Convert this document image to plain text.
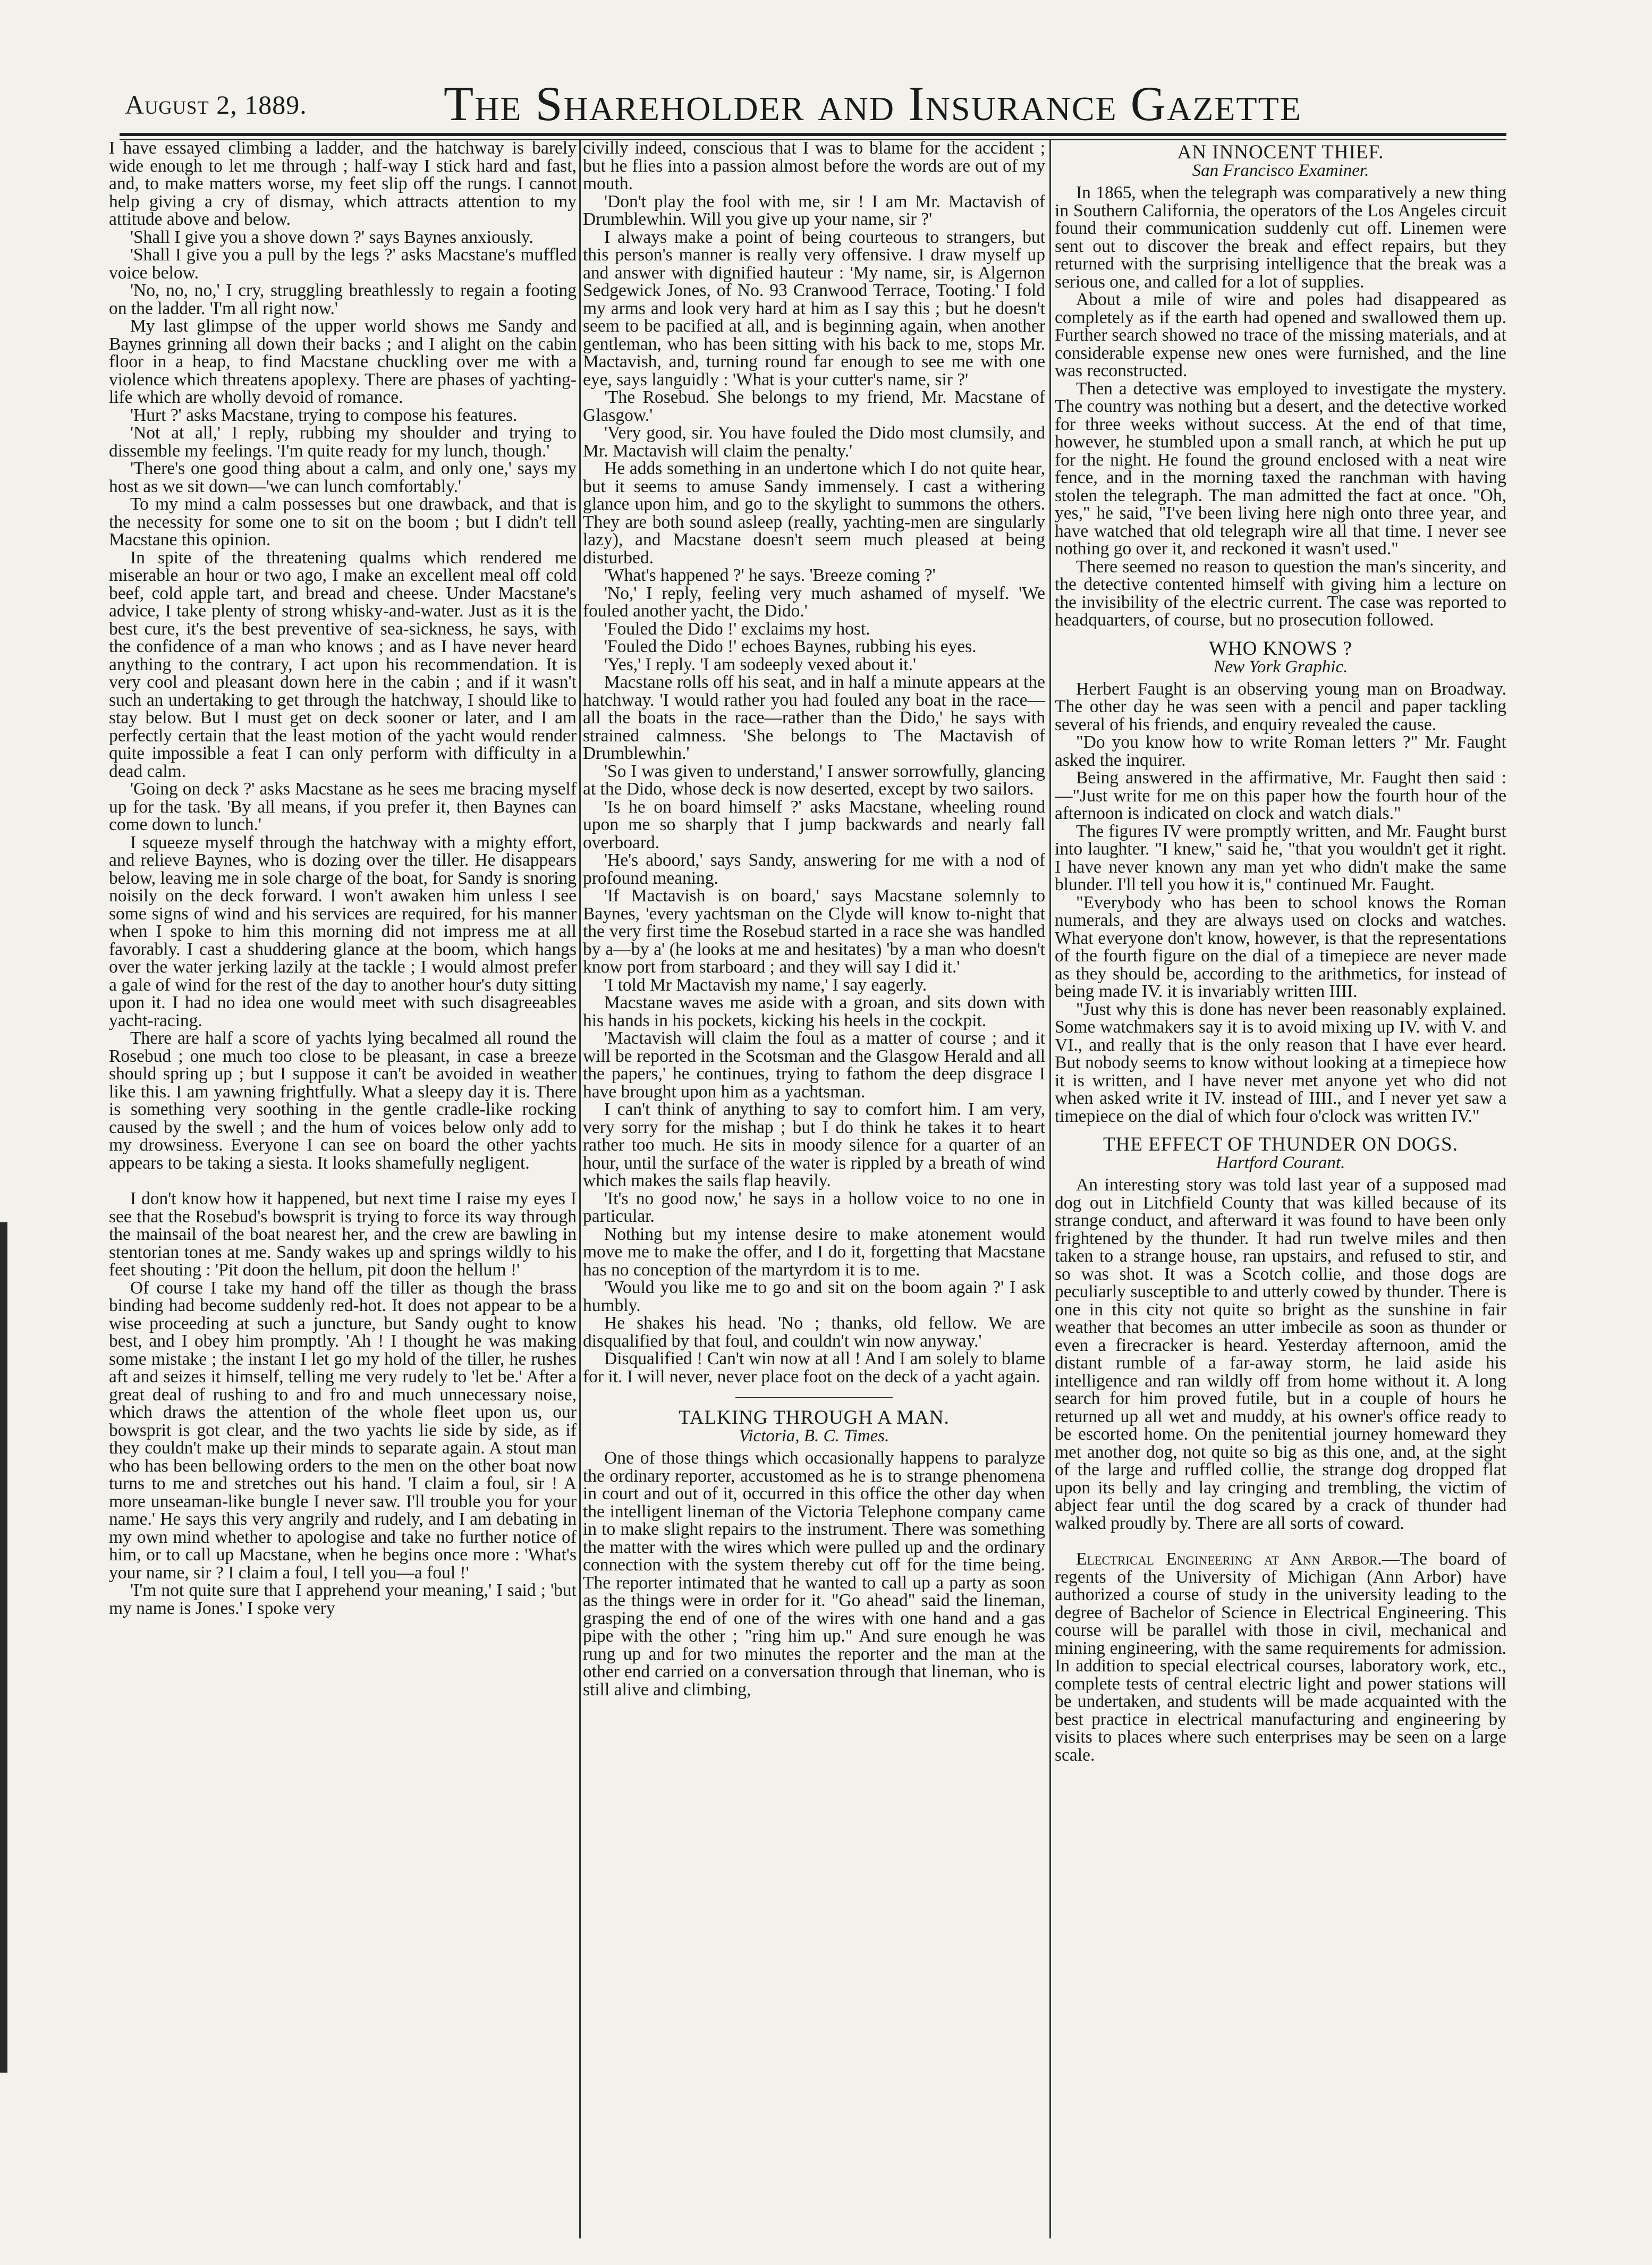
August 2, 1889.	The Shareholder and Insurance Gazette

I have essayed climbing a ladder, and the hatchway is barely wide enough to let me through ; half-way I stick hard and fast, and, to make matters worse, my feet slip off the rungs. I cannot help giving a cry of dismay, which attracts attention to my attitude above and below.

'Shall I give you a shove down ?' says Baynes anxiously.

'Shall I give you a pull by the legs ?' asks Macstane's muffled voice below.

'No, no, no,' I cry, struggling breathlessly to regain a footing on the ladder. 'I'm all right now.'

My last glimpse of the upper world shows me Sandy and Baynes grinning all down their backs ; and I alight on the cabin floor in a heap, to find Macstane chuckling over me with a violence which threatens apoplexy. There are phases of yachting-life which are wholly devoid of romance.

'Hurt ?' asks Macstane, trying to compose his features.

'Not at all,' I reply, rubbing my shoulder and trying to dissemble my feelings. 'I'm quite ready for my lunch, though.'

'There's one good thing about a calm, and only one,' says my host as we sit down—'we can lunch comfortably.'

To my mind a calm possesses but one drawback, and that is the necessity for some one to sit on the boom ; but I didn't tell Macstane this opinion.

In spite of the threatening qualms which rendered me miserable an hour or two ago, I make an excellent meal off cold beef, cold apple tart, and bread and cheese. Under Macstane's advice, I take plenty of strong whisky-and-water. Just as it is the best cure, it's the best preventive of sea-sickness, he says, with the confidence of a man who knows ; and as I have never heard anything to the contrary, I act upon his recommendation. It is very cool and pleasant down here in the cabin ; and if it wasn't such an undertaking to get through the hatchway, I should like to stay below. But I must get on deck sooner or later, and I am perfectly certain that the least motion of the yacht would render quite impossible a feat I can only perform with difficulty in a dead calm.

'Going on deck ?' asks Macstane as he sees me bracing myself up for the task. 'By all means, if you prefer it, then Baynes can come down to lunch.'

I squeeze myself through the hatchway with a mighty effort, and relieve Baynes, who is dozing over the tiller. He disappears below, leaving me in sole charge of the boat, for Sandy is snoring noisily on the deck forward. I won't awaken him unless I see some signs of wind and his services are required, for his manner when I spoke to him this morning did not impress me at all favorably. I cast a shuddering glance at the boom, which hangs over the water jerking lazily at the tackle ; I would almost prefer a gale of wind for the rest of the day to another hour's duty sitting upon it. I had no idea one would meet with such disagreeables yacht-racing.

There are half a score of yachts lying becalmed all round the Rosebud ; one much too close to be pleasant, in case a breeze should spring up ; but I suppose it can't be avoided in weather like this. I am yawning frightfully. What a sleepy day it is. There is something very soothing in the gentle cradle-like rocking caused by the swell ; and the hum of voices below only add to my drowsiness. Everyone I can see on board the other yachts appears to be taking a siesta. It looks shamefully negligent.

I don't know how it happened, but next time I raise my eyes I see that the Rosebud's bowsprit is trying to force its way through the mainsail of the boat nearest her, and the crew are bawling in stentorian tones at me. Sandy wakes up and springs wildly to his feet shouting : 'Pit doon the hellum, pit doon the hellum !'

Of course I take my hand off the tiller as though the brass binding had become suddenly red-hot. It does not appear to be a wise proceeding at such a juncture, but Sandy ought to know best, and I obey him promptly. 'Ah ! I thought he was making some mistake ; the instant I let go my hold of the tiller, he rushes aft and seizes it himself, telling me very rudely to 'let be.' After a great deal of rushing to and fro and much unnecessary noise, which draws the attention of the whole fleet upon us, our bowsprit is got clear, and the two yachts lie side by side, as if they couldn't make up their minds to separate again. A stout man who has been bellowing orders to the men on the other boat now turns to me and stretches out his hand. 'I claim a foul, sir ! A more unseaman-like bungle I never saw. I'll trouble you for your name.' He says this very angrily and rudely, and I am debating in my own mind whether to apologise and take no further notice of him, or to call up Macstane, when he begins once more : 'What's your name, sir ? I claim a foul, I tell you—a foul !'

'I'm not quite sure that I apprehend your meaning,' I said ; 'but my name is Jones.' I spoke very

civilly indeed, conscious that I was to blame for the accident ; but he flies into a passion almost before the words are out of my mouth.

'Don't play the fool with me, sir ! I am Mr. Mactavish of Drumblewhin. Will you give up your name, sir ?'

I always make a point of being courteous to strangers, but this person's manner is really very offensive. I draw myself up and answer with dignified hauteur : 'My name, sir, is Algernon Sedgewick Jones, of No. 93 Cranwood Terrace, Tooting.' I fold my arms and look very hard at him as I say this ; but he doesn't seem to be pacified at all, and is beginning again, when another gentleman, who has been sitting with his back to me, stops Mr. Mactavish, and, turning round far enough to see me with one eye, says languidly : 'What is your cutter's name, sir ?'

'The Rosebud. She belongs to my friend, Mr. Macstane of Glasgow.'

'Very good, sir. You have fouled the Dido most clumsily, and Mr. Mactavish will claim the penalty.'

He adds something in an undertone which I do not quite hear, but it seems to amuse Sandy immensely. I cast a withering glance upon him, and go to the skylight to summons the others. They are both sound asleep (really, yachting-men are singularly lazy), and Macstane doesn't seem much pleased at being disturbed.

'What's happened ?' he says. 'Breeze coming ?'

'No,' I reply, feeling very much ashamed of myself. 'We fouled another yacht, the Dido.'

'Fouled the Dido !' exclaims my host.

'Fouled the Dido !' echoes Baynes, rubbing his eyes.

'Yes,' I reply. 'I am sodeeply vexed about it.'

Macstane rolls off his seat, and in half a minute appears at the hatchway. 'I would rather you had fouled any boat in the race—all the boats in the race—rather than the Dido,' he says with strained calmness. 'She belongs to The Mactavish of Drumblewhin.'

'So I was given to understand,' I answer sorrowfully, glancing at the Dido, whose deck is now deserted, except by two sailors.

'Is he on board himself ?' asks Macstane, wheeling round upon me so sharply that I jump backwards and nearly fall overboard.

'He's aboord,' says Sandy, answering for me with a nod of profound meaning.

'If Mactavish is on board,' says Macstane solemnly to Baynes, 'every yachtsman on the Clyde will know to-night that the very first time the Rosebud started in a race she was handled by a—by a' (he looks at me and hesitates) 'by a man who doesn't know port from starboard ; and they will say I did it.'

'I told Mr Mactavish my name,' I say eagerly.

Macstane waves me aside with a groan, and sits down with his hands in his pockets, kicking his heels in the cockpit.

'Mactavish will claim the foul as a matter of course ; and it will be reported in the Scotsman and the Glasgow Herald and all the papers,' he continues, trying to fathom the deep disgrace I have brought upon him as a yachtsman.

I can't think of anything to say to comfort him. I am very, very sorry for the mishap ; but I do think he takes it to heart rather too much. He sits in moody silence for a quarter of an hour, until the surface of the water is rippled by a breath of wind which makes the sails flap heavily.

'It's no good now,' he says in a hollow voice to no one in particular.

Nothing but my intense desire to make atonement would move me to make the offer, and I do it, forgetting that Macstane has no conception of the martyrdom it is to me.

'Would you like me to go and sit on the boom again ?' I ask humbly.

He shakes his head. 'No ; thanks, old fellow. We are disqualified by that foul, and couldn't win now anyway.'

Disqualified ! Can't win now at all ! And I am solely to blame for it. I will never, never place foot on the deck of a yacht again.

TALKING THROUGH A MAN.
Victoria, B. C. Times.

One of those things which occasionally happens to paralyze the ordinary reporter, accustomed as he is to strange phenomena in court and out of it, occurred in this office the other day when the intelligent lineman of the Victoria Telephone company came in to make slight repairs to the instrument. There was something the matter with the wires which were pulled up and the ordinary connection with the system thereby cut off for the time being. The reporter intimated that he wanted to call up a party as soon as the things were in order for it. "Go ahead" said the lineman, grasping the end of one of the wires with one hand and a gas pipe with the other ; "ring him up." And sure enough he was rung up and for two minutes the reporter and the man at the other end carried on a conversation through that lineman, who is still alive and climbing,

AN INNOCENT THIEF.
San Francisco Examiner.

In 1865, when the telegraph was comparatively a new thing in Southern California, the operators of the Los Angeles circuit found their communication suddenly cut off. Linemen were sent out to discover the break and effect repairs, but they returned with the surprising intelligence that the break was a serious one, and called for a lot of supplies.

About a mile of wire and poles had disappeared as completely as if the earth had opened and swallowed them up. Further search showed no trace of the missing materials, and at considerable expense new ones were furnished, and the line was reconstructed.

Then a detective was employed to investigate the mystery. The country was nothing but a desert, and the detective worked for three weeks without success. At the end of that time, however, he stumbled upon a small ranch, at which he put up for the night. He found the ground enclosed with a neat wire fence, and in the morning taxed the ranchman with having stolen the telegraph. The man admitted the fact at once. "Oh, yes," he said, "I've been living here nigh onto three year, and have watched that old telegraph wire all that time. I never see nothing go over it, and reckoned it wasn't used."

There seemed no reason to question the man's sincerity, and the detective contented himself with giving him a lecture on the invisibility of the electric current. The case was reported to headquarters, of course, but no prosecution followed.

WHO KNOWS ?
New York Graphic.

Herbert Faught is an observing young man on Broadway. The other day he was seen with a pencil and paper tackling several of his friends, and enquiry revealed the cause.

"Do you know how to write Roman letters ?" Mr. Faught asked the inquirer.

Being answered in the affirmative, Mr. Faught then said :—"Just write for me on this paper how the fourth hour of the afternoon is indicated on clock and watch dials."

The figures IV were promptly written, and Mr. Faught burst into laughter. "I knew," said he, "that you wouldn't get it right. I have never known any man yet who didn't make the same blunder. I'll tell you how it is," continued Mr. Faught.

"Everybody who has been to school knows the Roman numerals, and they are always used on clocks and watches. What everyone don't know, however, is that the representations of the fourth figure on the dial of a timepiece are never made as they should be, according to the arithmetics, for instead of being made IV. it is invariably written IIII.

"Just why this is done has never been reasonably explained. Some watchmakers say it is to avoid mixing up IV. with V. and VI., and really that is the only reason that I have ever heard. But nobody seems to know without looking at a timepiece how it is written, and I have never met anyone yet who did not when asked write it IV. instead of IIII., and I never yet saw a timepiece on the dial of which four o'clock was written IV."

THE EFFECT OF THUNDER ON DOGS.
Hartford Courant.

An interesting story was told last year of a supposed mad dog out in Litchfield County that was killed because of its strange conduct, and afterward it was found to have been only frightened by the thunder. It had run twelve miles and then taken to a strange house, ran upstairs, and refused to stir, and so was shot. It was a Scotch collie, and those dogs are peculiarly susceptible to and utterly cowed by thunder. There is one in this city not quite so bright as the sunshine in fair weather that becomes an utter imbecile as soon as thunder or even a firecracker is heard. Yesterday afternoon, amid the distant rumble of a far-away storm, he laid aside his intelligence and ran wildly off from home without it. A long search for him proved futile, but in a couple of hours he returned up all wet and muddy, at his owner's office ready to be escorted home. On the penitential journey homeward they met another dog, not quite so big as this one, and, at the sight of the large and ruffled collie, the strange dog dropped flat upon its belly and lay cringing and trembling, the victim of abject fear until the dog scared by a crack of thunder had walked proudly by. There are all sorts of coward.

Electrical Engineering at Ann Arbor.—The board of regents of the University of Michigan (Ann Arbor) have authorized a course of study in the university leading to the degree of Bachelor of Science in Electrical Engineering. This course will be parallel with those in civil, mechanical and mining engineering, with the same requirements for admission. In addition to special electrical courses, laboratory work, etc., complete tests of central electric light and power stations will be undertaken, and students will be made acquainted with the best practice in electrical manufacturing and engineering by visits to places where such enterprises may be seen on a large scale.
